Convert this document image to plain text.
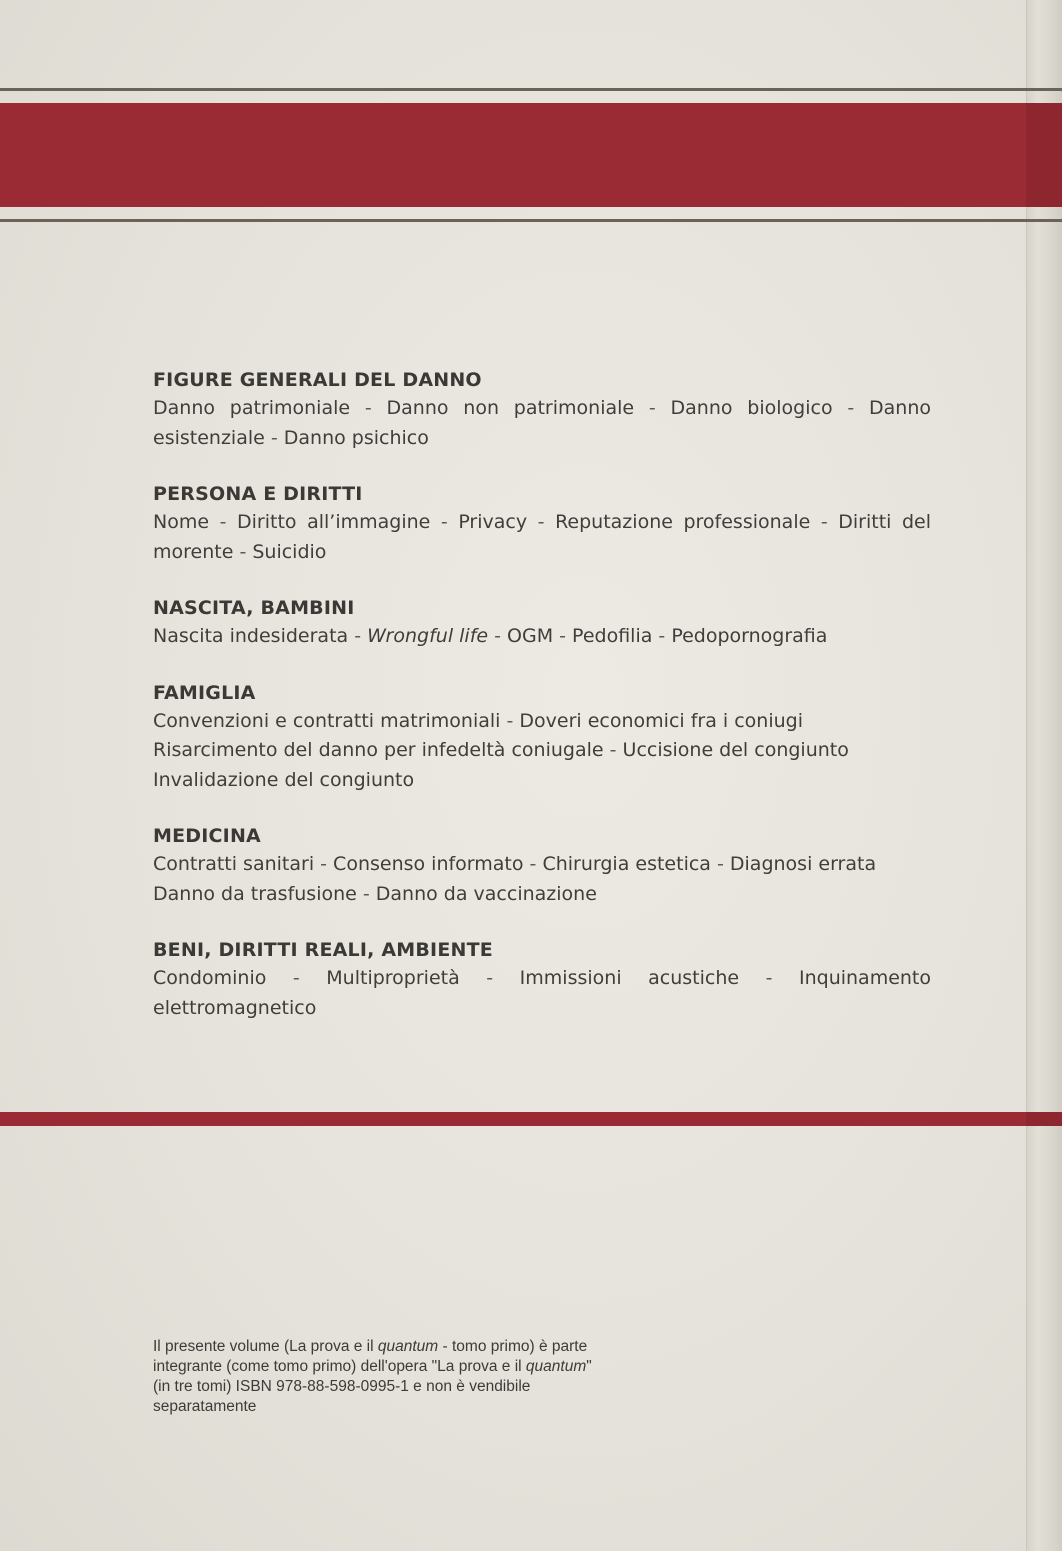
FIGURE GENERALI DEL DANNO
Danno patrimoniale - Danno non patrimoniale - Danno biologico - Danno esistenziale - Danno psichico
PERSONA E DIRITTI
Nome - Diritto all’immagine - Privacy - Reputazione professionale - Diritti del morente - Suicidio
NASCITA, BAMBINI
Nascita indesiderata - Wrongful life - OGM - Pedofilia - Pedopornografia
FAMIGLIA
Convenzioni e contratti matrimoniali - Doveri economici fra i coniugi
Risarcimento del danno per infedeltà coniugale - Uccisione del congiunto
Invalidazione del congiunto
MEDICINA
Contratti sanitari - Consenso informato - Chirurgia estetica - Diagnosi errata
Danno da trasfusione - Danno da vaccinazione
BENI, DIRITTI REALI, AMBIENTE
Condominio - Multiproprietà - Immissioni acustiche - Inquinamento elettromagnetico
Il presente volume (La prova e il quantum - tomo primo) è parte integrante (come tomo primo) dell'opera "La prova e il quantum" (in tre tomi) ISBN 978-88-598-0995-1 e non è vendibile separatamente
